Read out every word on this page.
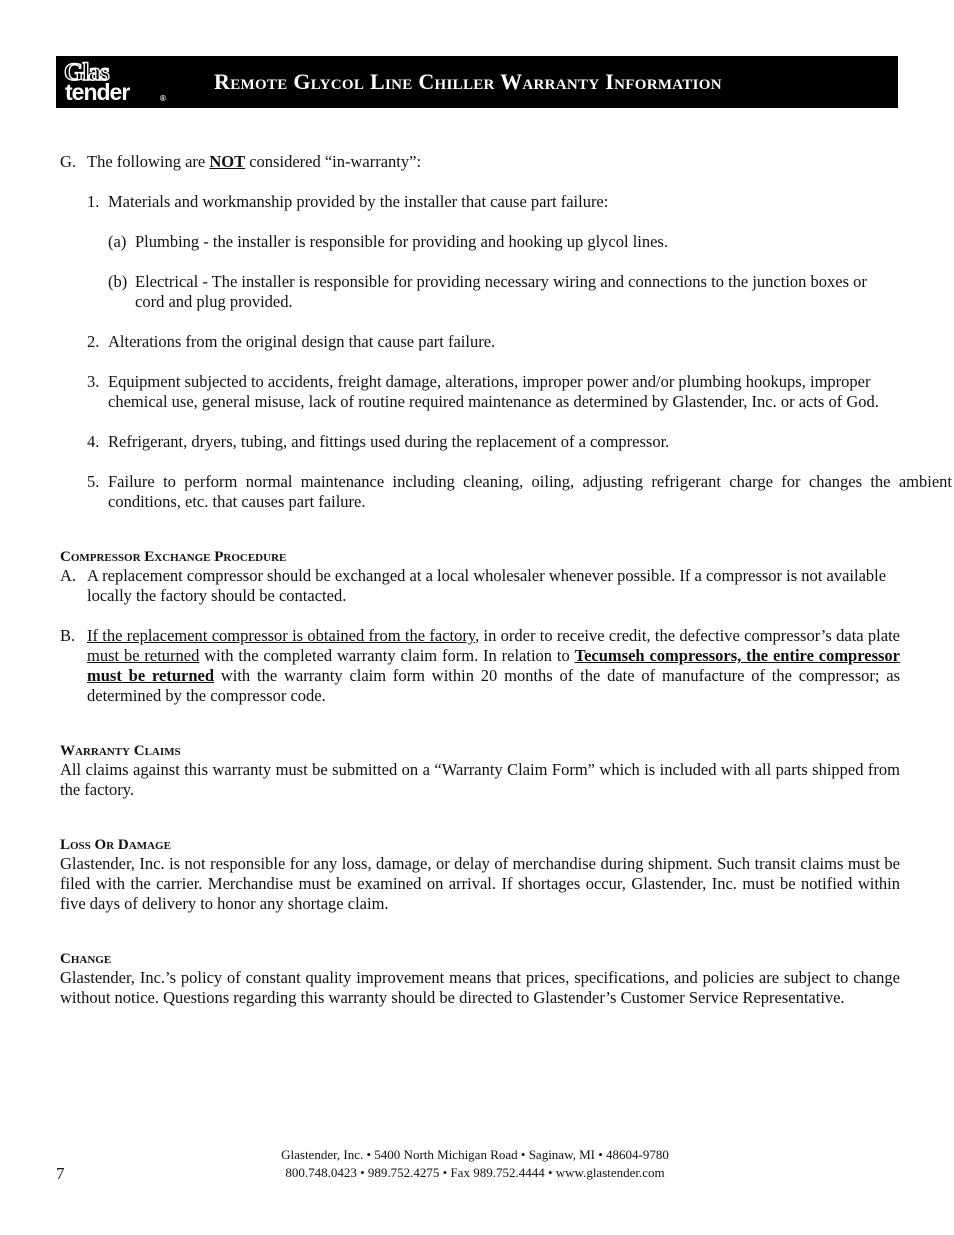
Glas
tender	®
Remote Glycol Line Chiller Warranty Information
G. The following are NOT considered “in-warranty”:
1. Materials and workmanship provided by the installer that cause part failure:
(a) Plumbing - the installer is responsible for providing and hooking up glycol lines.
(b) Electrical - The installer is responsible for providing necessary wiring and connections to the junction boxes or cord and plug provided.
2. Alterations from the original design that cause part failure.
3. Equipment subjected to accidents, freight damage, alterations, improper power and/or plumbing hookups, improper chemical use, general misuse, lack of routine required maintenance as determined by Glastender, Inc. or acts of God.
4. Refrigerant, dryers, tubing, and fittings used during the replacement of a compressor.
5. Failure to perform normal maintenance including cleaning, oiling, adjusting refrigerant charge for changes the ambient conditions, etc. that causes part failure.
Compressor Exchange Procedure
A. A replacement compressor should be exchanged at a local wholesaler whenever possible. If a compressor is not available locally the factory should be contacted.
B. If the replacement compressor is obtained from the factory, in order to receive credit, the defective compressor’s data plate must be returned with the completed warranty claim form. In relation to Tecumseh compressors, the entire compressor must be returned with the warranty claim form within 20 months of the date of manufacture of the compressor; as determined by the compressor code.
Warranty Claims
All claims against this warranty must be submitted on a “Warranty Claim Form” which is included with all parts shipped from the factory.
Loss Or Damage
Glastender, Inc. is not responsible for any loss, damage, or delay of merchandise during shipment. Such transit claims must be filed with the carrier. Merchandise must be examined on arrival. If shortages occur, Glastender, Inc. must be notified within five days of delivery to honor any shortage claim.
Change
Glastender, Inc.’s policy of constant quality improvement means that prices, specifications, and policies are subject to change without notice. Questions regarding this warranty should be directed to Glastender’s Customer Service Representative.
Glastender, Inc. • 5400 North Michigan Road • Saginaw, MI • 48604-9780
800.748.0423 • 989.752.4275 • Fax 989.752.4444 • www.glastender.com
7
